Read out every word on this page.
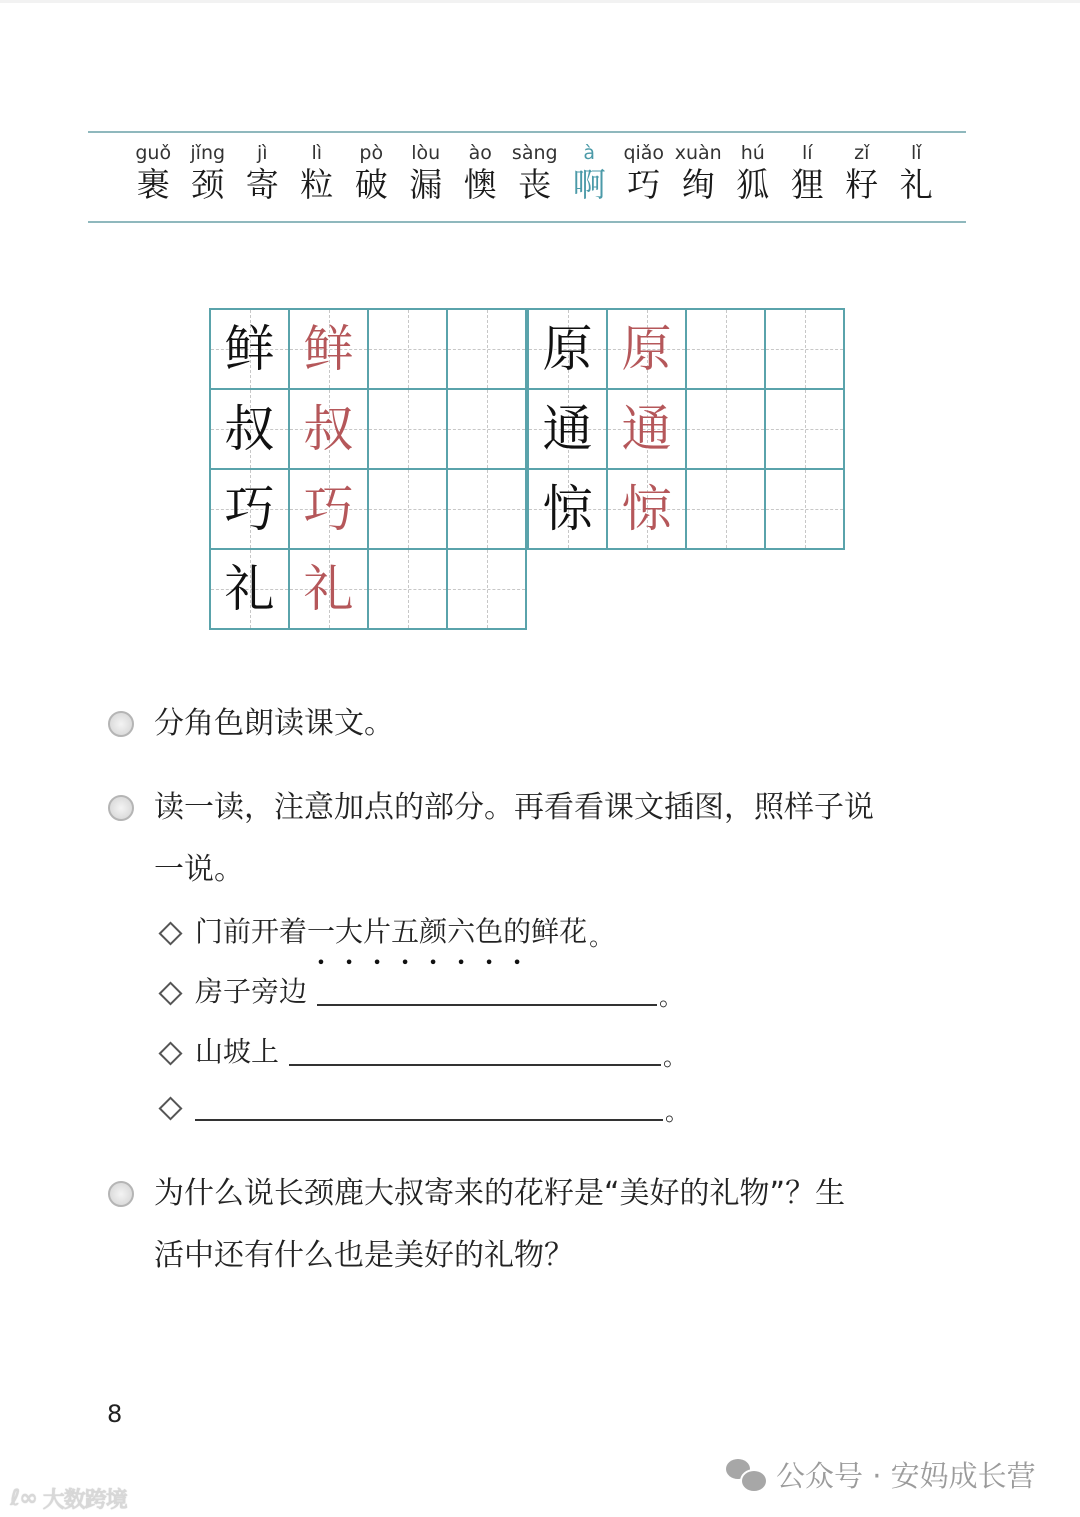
guǒ
裹
jǐng
颈
jì
寄
lì
粒
pò
破
lòu
漏
ào
懊
sàng
丧
à
啊
qiǎo
巧
xuàn
绚
hú
狐
lí
狸
zǐ
籽
lǐ
礼
鲜 鲜
叔 叔
巧 巧
礼 礼
原 原
通 通
惊 惊
分角色朗读课文。
读一读，注意加点的部分。再看看课文插图，照样子说
一说。
门前开着 一 • 大 • 片 • 五 • 颜 • 六 • 色 • 的 • 鲜花 。
房子旁边	。
山坡上	。
。
为什么说长颈鹿大叔寄来的花籽是“美好的礼物”？生
活中还有什么也是美好的礼物？
8
ℓ∞ 大数跨境
公众号 · 安妈成长营
